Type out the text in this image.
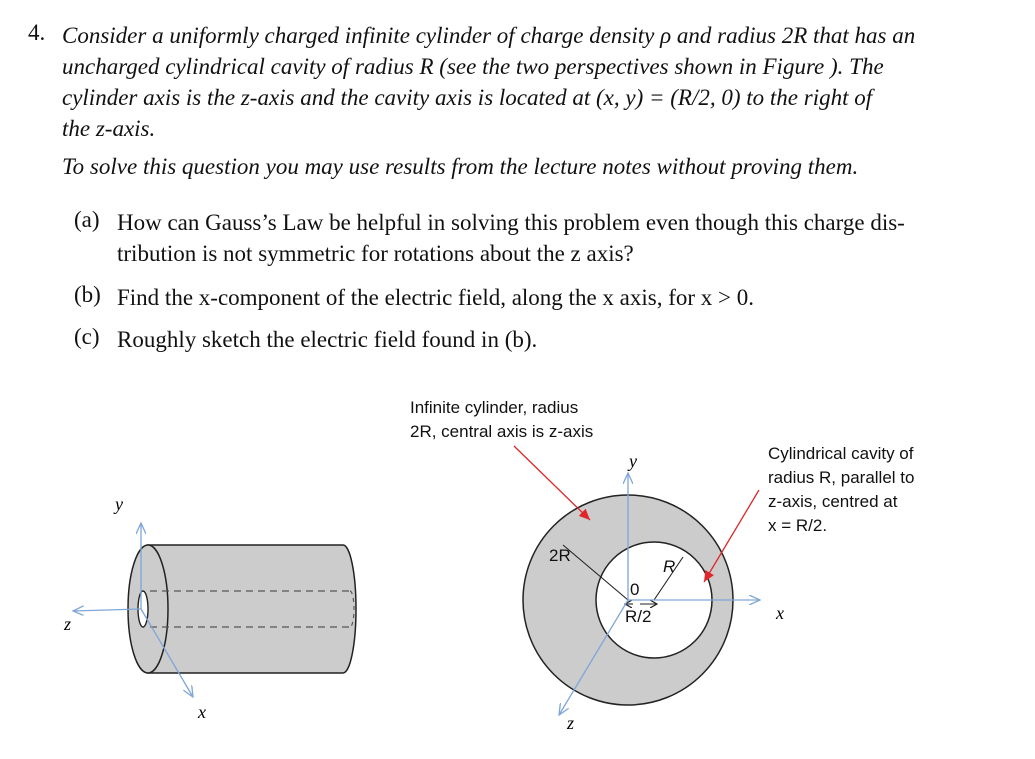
4. Consider a uniformly charged infinite cylinder of charge density ρ and radius 2R that has an
uncharged cylindrical cavity of radius R (see the two perspectives shown in Figure ). The
cylinder axis is the z-axis and the cavity axis is located at (x, y) = (R/2, 0) to the right of
the z-axis.
To solve this question you may use results from the lecture notes without proving them.
(a) How can Gauss’s Law be helpful in solving this problem even though this charge dis-
tribution is not symmetric for rotations about the z axis?
(b) Find the x-component of the electric field, along the x axis, for x > 0.
(c) Roughly sketch the electric field found in (b).
y
z
x
Infinite cylinder, radius
2R, central axis is z-axis
Cylindrical cavity of
radius R, parallel to
z-axis, centred at
x = R/2.
y
x
z
2R
R
0
R/2
